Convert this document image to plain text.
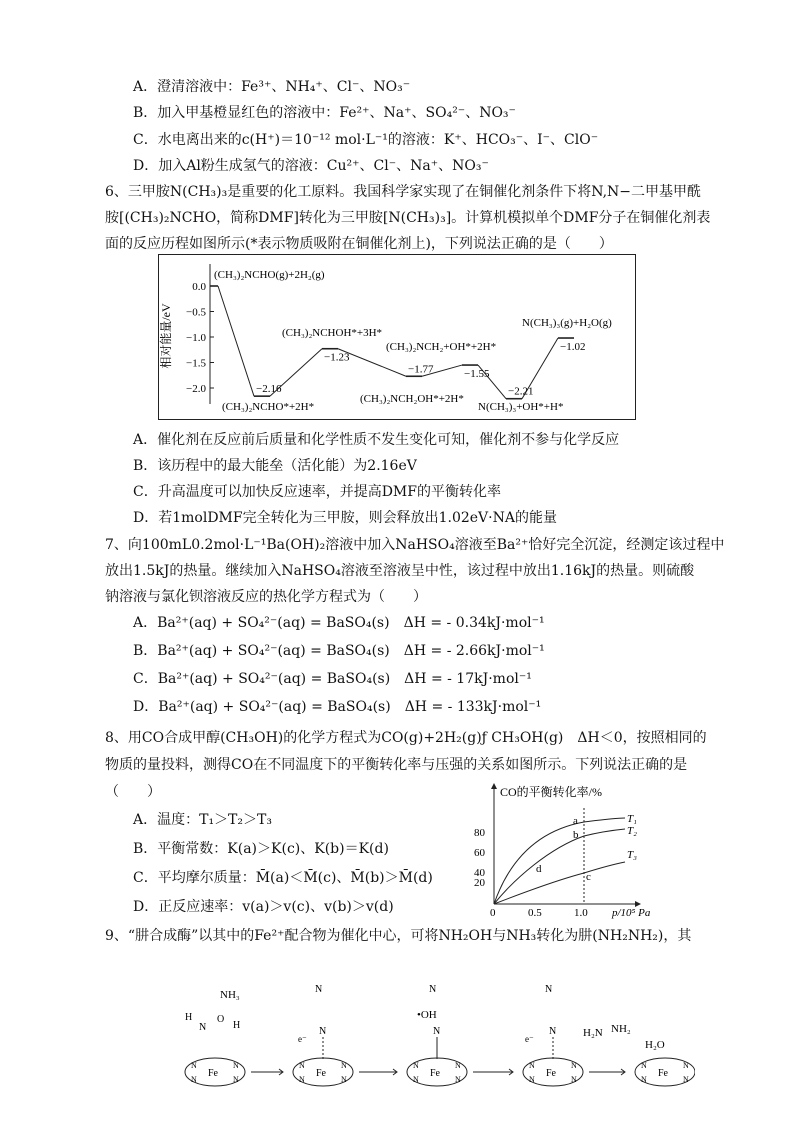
A．澄清溶液中：Fe³⁺、NH₄⁺、Cl⁻、NO₃⁻
B．加入甲基橙显红色的溶液中：Fe²⁺、Na⁺、SO₄²⁻、NO₃⁻
C．水电离出来的c(H⁺)＝10⁻¹² mol·L⁻¹的溶液：K⁺、HCO₃⁻、I⁻、ClO⁻
D．加入Al粉生成氢气的溶液：Cu²⁺、Cl⁻、Na⁺、NO₃⁻
6、三甲胺N(CH₃)₃是重要的化工原料。我国科学家实现了在铜催化剂条件下将N,N−二甲基甲酰
胺[(CH₃)₂NCHO，简称DMF]转化为三甲胺[N(CH₃)₃]。计算机模拟单个DMF分子在铜催化剂表
面的反应历程如图所示(*表示物质吸附在铜催化剂上)，下列说法正确的是（　　）
相对能量/eV
0.0
−0.5
−1.0
−1.5
−2.0	−2.16
−1.23
−1.77	−1.55
−2.21
−1.02
(CH₃)₂NCHO(g)+2H₂(g)
(CH₃)₂NCHO*+2H*
(CH₃)₂NCHOH*+3H*
(CH₃)₂NCH₂OH*+2H*
(CH₃)₂NCH₂+OH*+2H*
N(CH₃)₃+OH*+H*
N(CH₃)₃(g)+H₂O(g)
A．催化剂在反应前后质量和化学性质不发生变化可知，催化剂不参与化学反应
B．该历程中的最大能垒（活化能）为2.16eV
C．升高温度可以加快反应速率，并提高DMF的平衡转化率
D．若1molDMF完全转化为三甲胺，则会释放出1.02eV·NA的能量
7、向100mL0.2mol·L⁻¹Ba(OH)₂溶液中加入NaHSO₄溶液至Ba²⁺恰好完全沉淀，经测定该过程中
放出1.5kJ的热量。继续加入NaHSO₄溶液至溶液呈中性，该过程中放出1.16kJ的热量。则硫酸
钠溶液与氯化钡溶液反应的热化学方程式为（　　）
A．Ba²⁺(aq) + SO₄²⁻(aq) = BaSO₄(s)　ΔH = - 0.34kJ·mol⁻¹
B．Ba²⁺(aq) + SO₄²⁻(aq) = BaSO₄(s)　ΔH = - 2.66kJ·mol⁻¹
C．Ba²⁺(aq) + SO₄²⁻(aq) = BaSO₄(s)　ΔH = - 17kJ·mol⁻¹
D．Ba²⁺(aq) + SO₄²⁻(aq) = BaSO₄(s)　ΔH = - 133kJ·mol⁻¹
8、用CO合成甲醇(CH₃OH)的化学方程式为CO(g)+2H₂(g)ƒ CH₃OH(g)　ΔH＜0，按照相同的
物质的量投料，测得CO在不同温度下的平衡转化率与压强的关系如图所示。下列说法正确的是
（　　）
A．温度：T₁＞T₂＞T₃
B．平衡常数：K(a)＞K(c)、K(b)＝K(d)
C．平均摩尔质量：M̄(a)＜M̄(c)、M̄(b)＞M̄(d)
D．正反应速率：v(a)＞v(c)、v(b)＞v(d)
CO的平衡转化率/%
80
60
40
20
0	0.5	1.0 p/10⁵ Pa
T₁
T₂
T₃
a
b
c
d
9、“肼合成酶”以其中的Fe²⁺配合物为催化中心，可将NH₂OH与NH₃转化为肼(NH₂NH₂)，其
Fe
N	N
N	N
Fe
N	N
N	N
Fe
N	N
N	N
Fe
N	N
N	N
Fe
N	N
N	N
H
N
O
H
N
N
N
N
N
N
NH₃
H₂N NH₂
H₂O
•OH
e⁻	e⁻
